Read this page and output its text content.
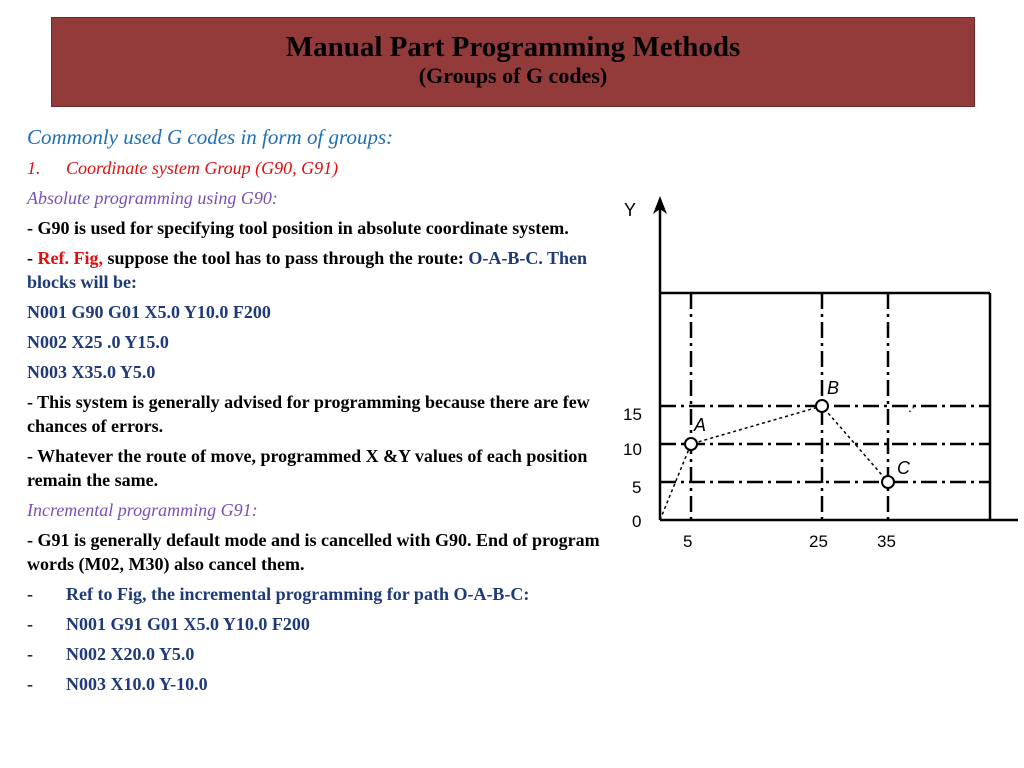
Manual Part Programming Methods
(Groups of G codes)
Commonly used G codes in form of groups:
1. Coordinate system Group (G90, G91)
Absolute programming using G90:
- G90 is used for specifying tool position in absolute coordinate system.
- Ref. Fig, suppose the tool has to pass through the route: O-A-B-C. Then blocks will be:
N001 G90 G01 X5.0 Y10.0 F200
N002 X25 .0 Y15.0
N003 X35.0 Y5.0
- This system is generally advised for programming because there are few chances of errors.
- Whatever the route of move, programmed X &Y values of each position remain the same.
Incremental programming G91:
- G91 is generally default mode and is cancelled with G90. End of program words (M02, M30) also cancel them.
-	Ref to Fig, the incremental programming for path O-A-B-C:
-	N001 G91 G01 X5.0 Y10.0 F200
-	N002 X20.0 Y5.0
-	N003 X10.0 Y-10.0
Y
A
B
C
∙'
15
10
5
0
5	25	35
